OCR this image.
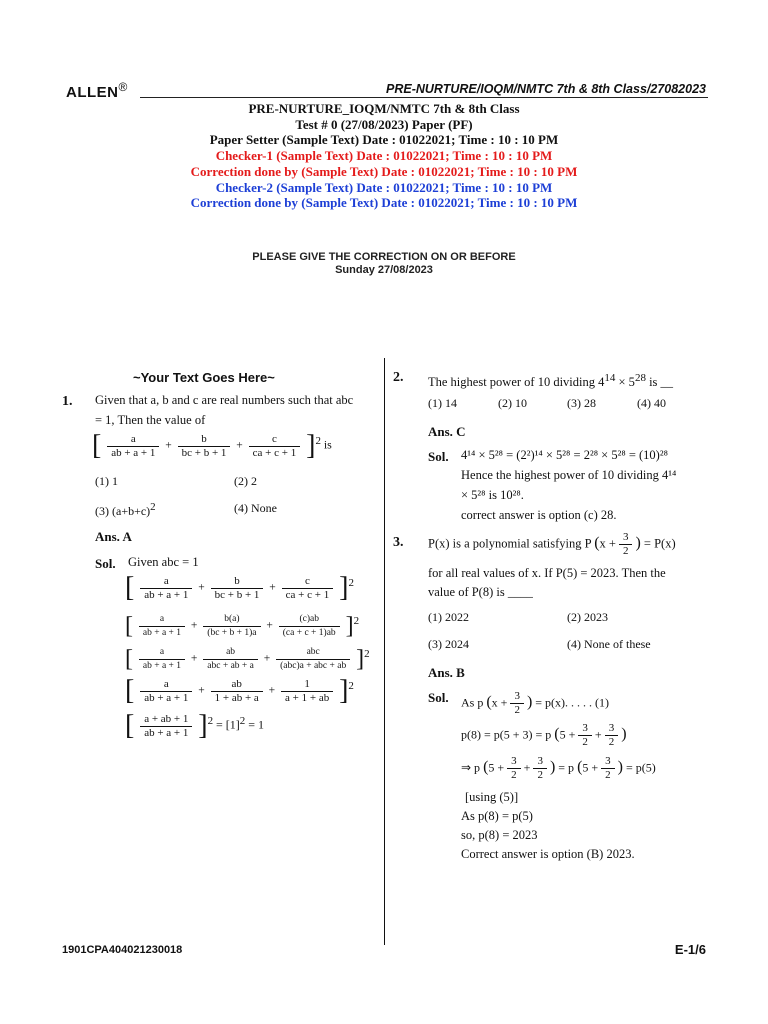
ALLEN®	PRE-NURTURE/IOQM/NMTC 7th & 8th Class/27082023
PRE-NURTURE_IOQM/NMTC 7th & 8th Class
Test # 0 (27/08/2023) Paper (PF)
Paper Setter (Sample Text) Date : 01022021; Time : 10 : 10 PM
Checker-1 (Sample Text) Date : 01022021; Time : 10 : 10 PM
Correction done by (Sample Text) Date : 01022021; Time : 10 : 10 PM
Checker-2 (Sample Text) Date : 01022021; Time : 10 : 10 PM
Correction done by (Sample Text) Date : 01022021; Time : 10 : 10 PM
PLEASE GIVE THE CORRECTION ON OR BEFORE
Sunday 27/08/2023
~Your Text Goes Here~
1. Given that a, b and c are real numbers such that abc
= 1, Then the value of
[ $\frac{a}{ab + a + 1} + \frac{b}{bc + b + 1} + \frac{c}{ca + c + 1} ]^2$ is
(1) 1	(2) 2
(3) $(a+b+c)^2$	(4) None
Ans. A
Sol. Given abc = 1
[ $\frac{a}{ab + a + 1} + \frac{b}{bc + b + 1} + \frac{c}{ca + c + 1} ]^2$
[ $\frac{a}{ab + a + 1} + \frac{b(a)}{(bc + b + 1)a} + \frac{(c)ab}{(ca + c + 1)ab} ]^2$
[ $\frac{a}{ab + a + 1} + \frac{ab}{\text{abc + ab + a}} + \frac{\text{abc}}{\text{(abc)a + abc + ab}} ]^2$
[ $\frac{a}{ab + a + 1} + \frac{ab}{1 + ab + a} + \frac{1}{a + 1 + ab} ]^2$
[ $\frac{a + ab + 1}{ab + a + 1} ]^2 = [1]^2 = 1$
2. The highest power of 10 dividing $4^{14} \times 5^{28}$ is __
(1) 14	(2) 10	(3) 28	(4) 40
Ans. C
Sol. 4¹⁴ × 5²⁸ = (2²)¹⁴ × 5²⁸ = 2²⁸ × 5²⁸ = (10)²⁸
Hence the highest power of 10 dividing 4¹⁴
× 5²⁸ is 10²⁸.
correct answer is option (c) 28.
3. P(x) is a polynomial satisfying P ($x + \frac{3}{2}$ ) = P(x)
for all real values of x. If P(5) = 2023. Then the
value of P(8) is ____
(1) 2022	(2) 2023
(3) 2024	(4) None of these
Ans. B
Sol. As p ($x + \frac{3}{2}$ ) = p(x). . . . . (1)
p(8) = p(5 + 3) = p ($5 + \frac{3}{2} + \frac{3}{2}$ )
⇒ p ($5 + \frac{3}{2} + \frac{3}{2}$ ) = p ($5 + \frac{3}{2}$ ) = p(5)
[using (5)]
As p(8) = p(5)
so, p(8) = 2023
Correct answer is option (B) 2023.
1901CPA404021230018	E-1/6
